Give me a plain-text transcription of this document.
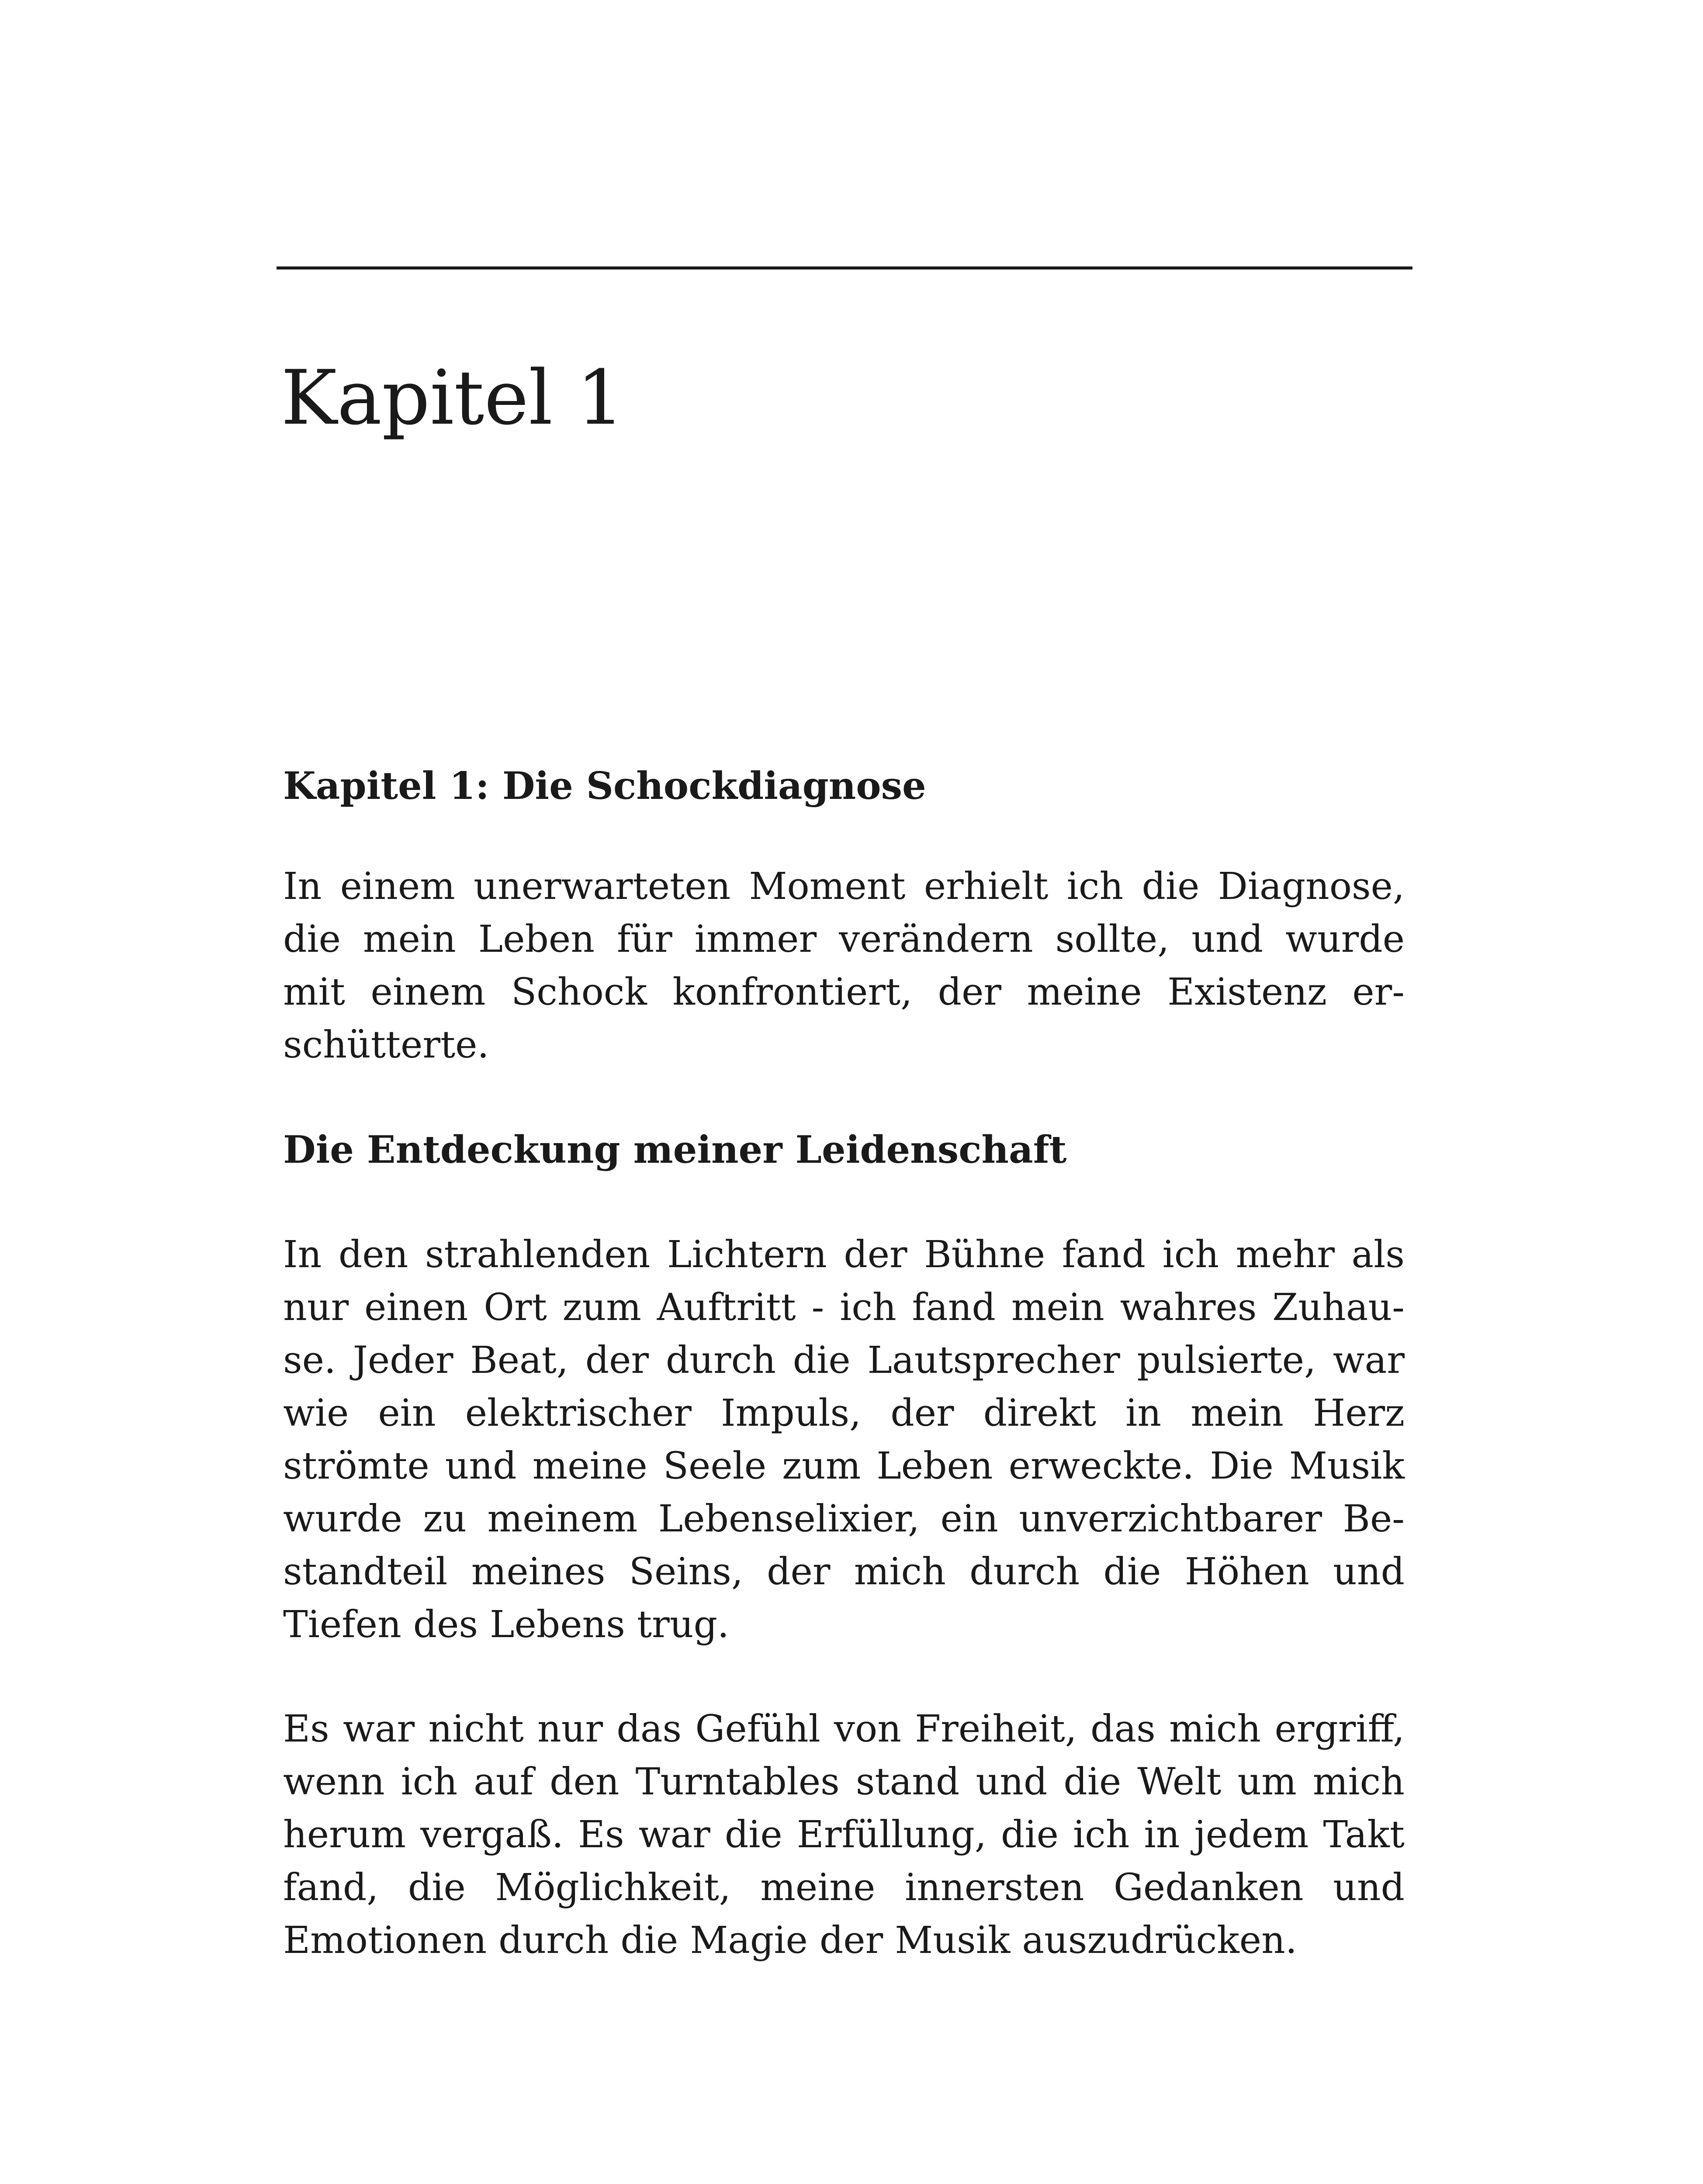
Kapitel 1
Kapitel 1: Die Schockdiagnose

In einem unerwarteten Moment erhielt ich die Diagnose,
die mein Leben für immer verändern sollte, und wurde
mit einem Schock konfrontiert, der meine Existenz er-
schütterte.

Die Entdeckung meiner Leidenschaft

In den strahlenden Lichtern der Bühne fand ich mehr als
nur einen Ort zum Auftritt - ich fand mein wahres Zuhau-
se. Jeder Beat, der durch die Lautsprecher pulsierte, war
wie ein elektrischer Impuls, der direkt in mein Herz
strömte und meine Seele zum Leben erweckte. Die Musik
wurde zu meinem Lebenselixier, ein unverzichtbarer Be-
standteil meines Seins, der mich durch die Höhen und
Tiefen des Lebens trug.

Es war nicht nur das Gefühl von Freiheit, das mich ergriff,
wenn ich auf den Turntables stand und die Welt um mich
herum vergaß. Es war die Erfüllung, die ich in jedem Takt
fand, die Möglichkeit, meine innersten Gedanken und
Emotionen durch die Magie der Musik auszudrücken.
